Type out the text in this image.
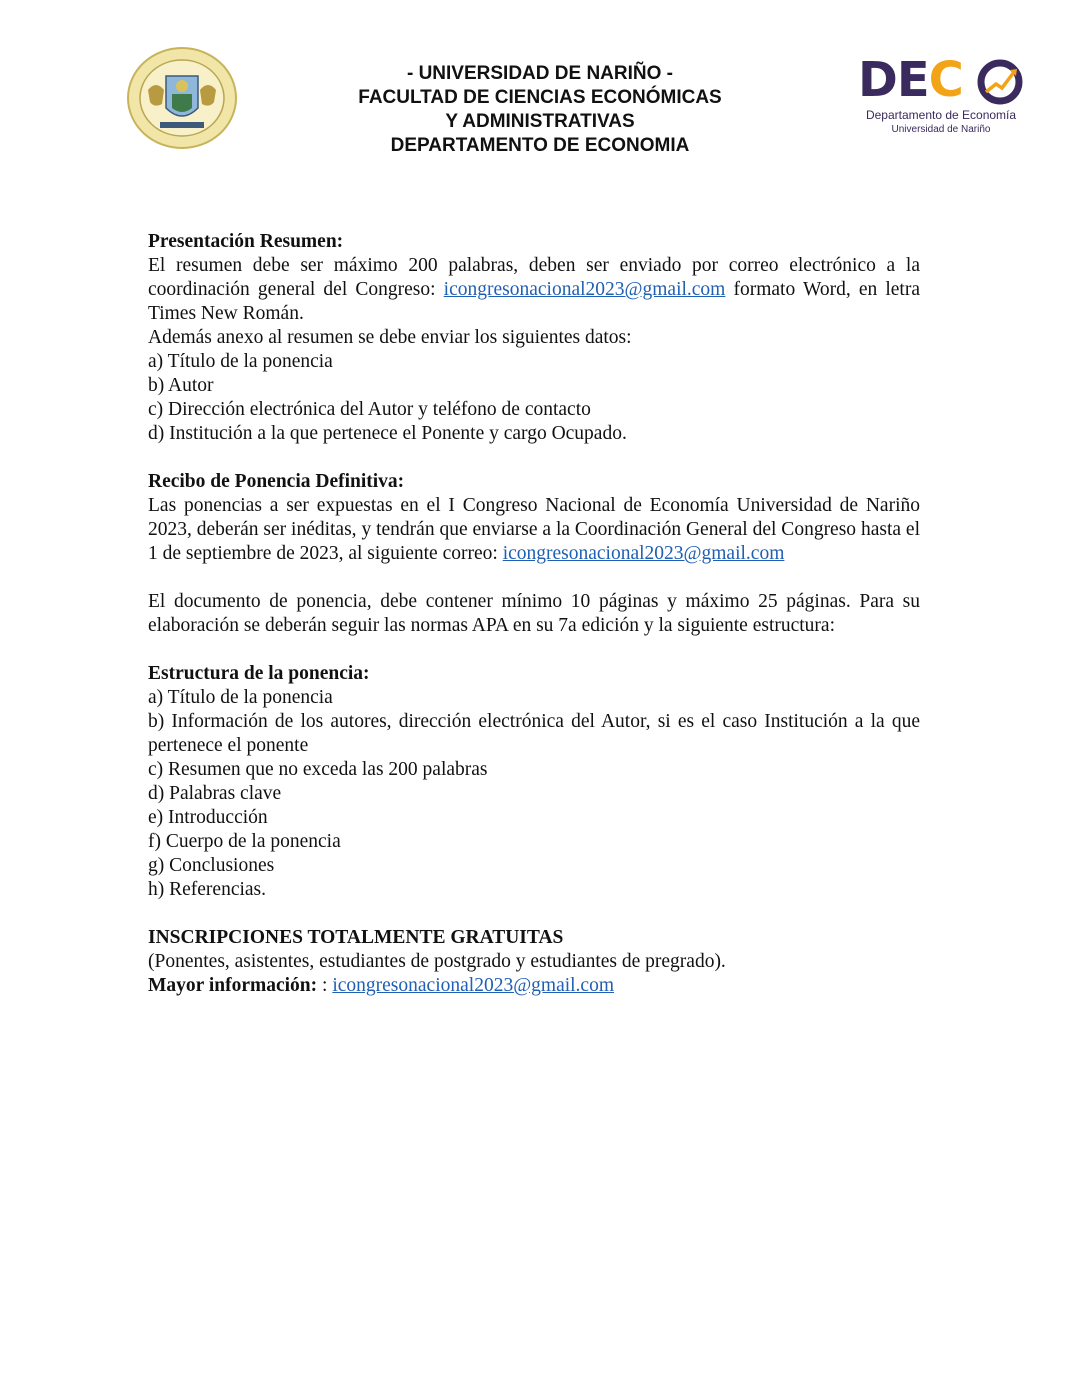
- UNIVERSIDAD DE NARIÑO -
FACULTAD DE CIENCIAS ECONÓMICAS
Y ADMINISTRATIVAS
DEPARTAMENTO DE ECONOMIA
DEC
Departamento de Economía
Universidad de Nariño

Presentación Resumen:

El resumen debe ser máximo 200 palabras, deben ser enviado por correo electrónico a la coordinación general del Congreso: icongresonacional2023@gmail.com formato Word, en letra Times New Román.

Además anexo al resumen se debe enviar los siguientes datos:

a) Título de la ponencia

b) Autor

c) Dirección electrónica del Autor y teléfono de contacto

d) Institución a la que pertenece el Ponente y cargo Ocupado.

Recibo de Ponencia Definitiva:

Las ponencias a ser expuestas en el I Congreso Nacional de Economía Universidad de Nariño 2023, deberán ser inéditas, y tendrán que enviarse a la Coordinación General del Congreso hasta el 1 de septiembre de 2023, al siguiente correo: icongresonacional2023@gmail.com

El documento de ponencia, debe contener mínimo 10 páginas y máximo 25 páginas. Para su elaboración se deberán seguir las normas APA en su 7a edición y la siguiente estructura:

Estructura de la ponencia:

a) Título de la ponencia

b) Información de los autores, dirección electrónica del Autor, si es el caso Institución a la que pertenece el ponente

c) Resumen que no exceda las 200 palabras

d) Palabras clave

e) Introducción

f) Cuerpo de la ponencia

g) Conclusiones

h) Referencias.

INSCRIPCIONES TOTALMENTE GRATUITAS

(Ponentes, asistentes, estudiantes de postgrado y estudiantes de pregrado).

Mayor información: : icongresonacional2023@gmail.com
